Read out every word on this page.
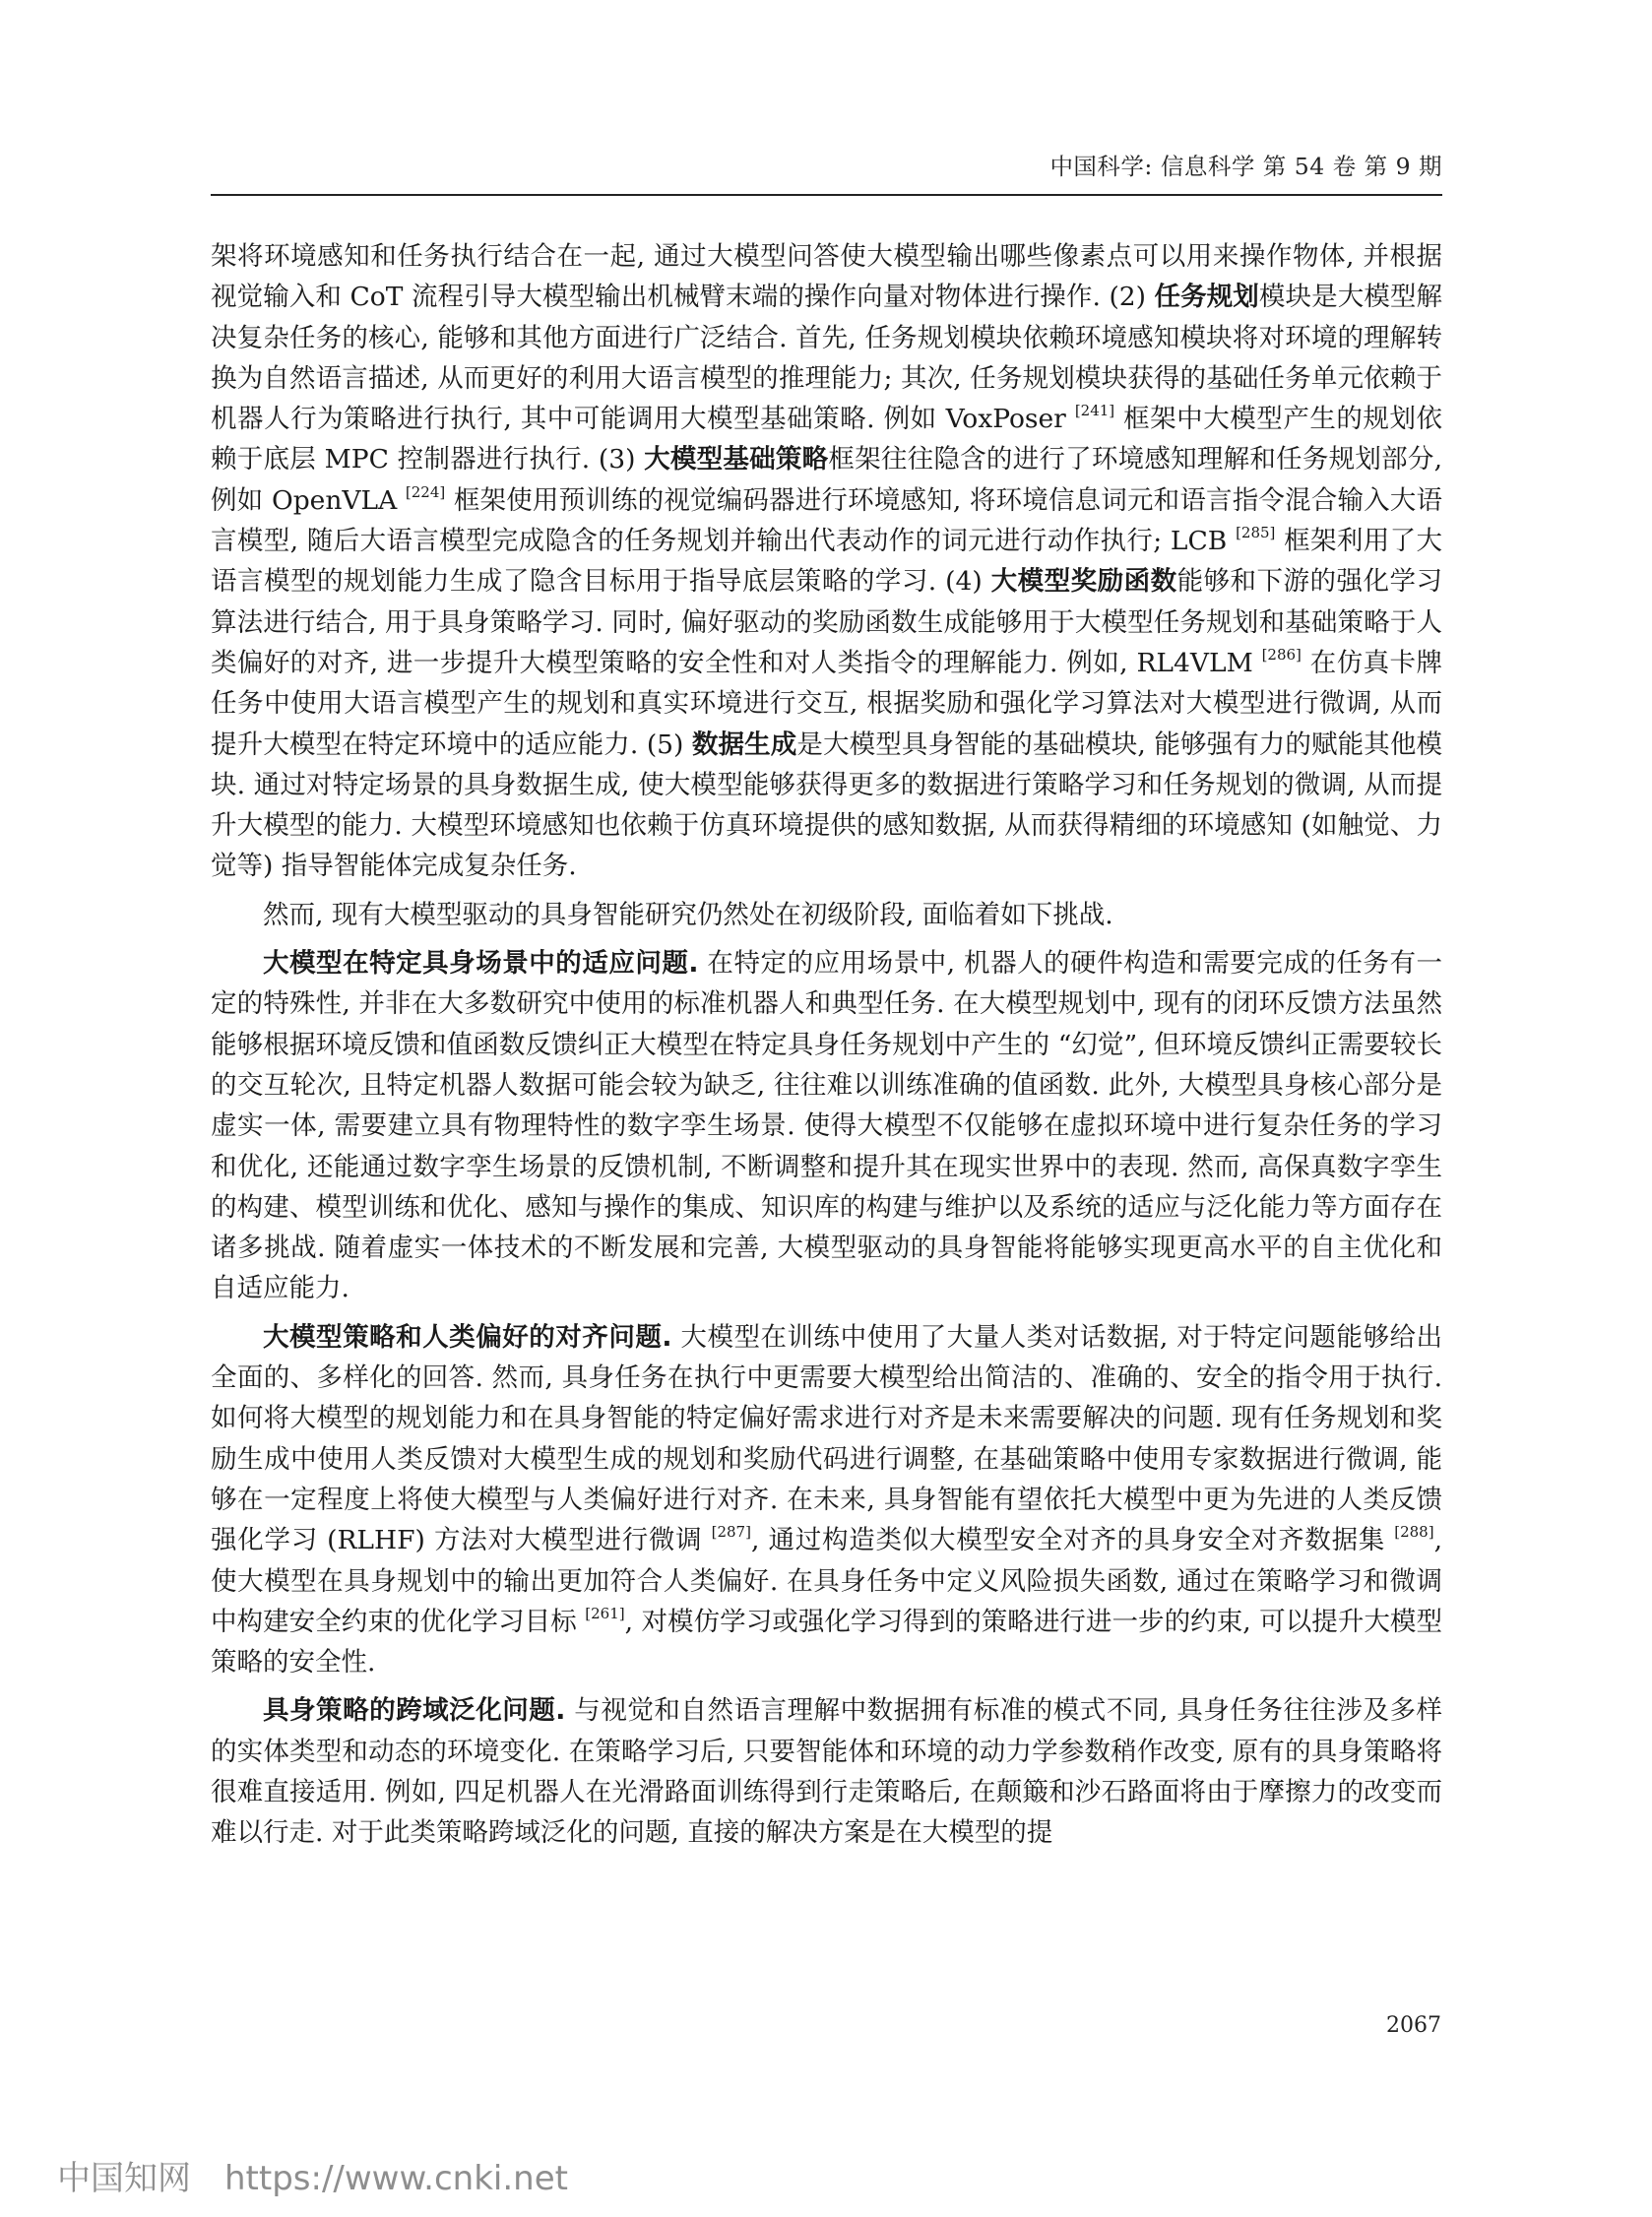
中国科学: 信息科学 第 54 卷 第 9 期

架将环境感知和任务执行结合在一起, 通过大模型问答使大模型输出哪些像素点可以用来操作物体, 并根据视觉输入和 CoT 流程引导大模型输出机械臂末端的操作向量对物体进行操作. (2) 任务规划模块是大模型解决复杂任务的核心, 能够和其他方面进行广泛结合. 首先, 任务规划模块依赖环境感知模块将对环境的理解转换为自然语言描述, 从而更好的利用大语言模型的推理能力; 其次, 任务规划模块获得的基础任务单元依赖于机器人行为策略进行执行, 其中可能调用大模型基础策略. 例如 VoxPoser [241] 框架中大模型产生的规划依赖于底层 MPC 控制器进行执行. (3) 大模型基础策略框架往往隐含的进行了环境感知理解和任务规划部分, 例如 OpenVLA [224] 框架使用预训练的视觉编码器进行环境感知, 将环境信息词元和语言指令混合输入大语言模型, 随后大语言模型完成隐含的任务规划并输出代表动作的词元进行动作执行; LCB [285] 框架利用了大语言模型的规划能力生成了隐含目标用于指导底层策略的学习. (4) 大模型奖励函数能够和下游的强化学习算法进行结合, 用于具身策略学习. 同时, 偏好驱动的奖励函数生成能够用于大模型任务规划和基础策略于人类偏好的对齐, 进一步提升大模型策略的安全性和对人类指令的理解能力. 例如, RL4VLM [286] 在仿真卡牌任务中使用大语言模型产生的规划和真实环境进行交互, 根据奖励和强化学习算法对大模型进行微调, 从而提升大模型在特定环境中的适应能力. (5) 数据生成是大模型具身智能的基础模块, 能够强有力的赋能其他模块. 通过对特定场景的具身数据生成, 使大模型能够获得更多的数据进行策略学习和任务规划的微调, 从而提升大模型的能力. 大模型环境感知也依赖于仿真环境提供的感知数据, 从而获得精细的环境感知 (如触觉、力觉等) 指导智能体完成复杂任务.

然而, 现有大模型驱动的具身智能研究仍然处在初级阶段, 面临着如下挑战.

大模型在特定具身场景中的适应问题. 在特定的应用场景中, 机器人的硬件构造和需要完成的任务有一定的特殊性, 并非在大多数研究中使用的标准机器人和典型任务. 在大模型规划中, 现有的闭环反馈方法虽然能够根据环境反馈和值函数反馈纠正大模型在特定具身任务规划中产生的 “幻觉”, 但环境反馈纠正需要较长的交互轮次, 且特定机器人数据可能会较为缺乏, 往往难以训练准确的值函数. 此外, 大模型具身核心部分是虚实一体, 需要建立具有物理特性的数字孪生场景. 使得大模型不仅能够在虚拟环境中进行复杂任务的学习和优化, 还能通过数字孪生场景的反馈机制, 不断调整和提升其在现实世界中的表现. 然而, 高保真数字孪生的构建、模型训练和优化、感知与操作的集成、知识库的构建与维护以及系统的适应与泛化能力等方面存在诸多挑战. 随着虚实一体技术的不断发展和完善, 大模型驱动的具身智能将能够实现更高水平的自主优化和自适应能力.

大模型策略和人类偏好的对齐问题. 大模型在训练中使用了大量人类对话数据, 对于特定问题能够给出全面的、多样化的回答. 然而, 具身任务在执行中更需要大模型给出简洁的、准确的、安全的指令用于执行. 如何将大模型的规划能力和在具身智能的特定偏好需求进行对齐是未来需要解决的问题. 现有任务规划和奖励生成中使用人类反馈对大模型生成的规划和奖励代码进行调整, 在基础策略中使用专家数据进行微调, 能够在一定程度上将使大模型与人类偏好进行对齐. 在未来, 具身智能有望依托大模型中更为先进的人类反馈强化学习 (RLHF) 方法对大模型进行微调 [287], 通过构造类似大模型安全对齐的具身安全对齐数据集 [288], 使大模型在具身规划中的输出更加符合人类偏好. 在具身任务中定义风险损失函数, 通过在策略学习和微调中构建安全约束的优化学习目标 [261], 对模仿学习或强化学习得到的策略进行进一步的约束, 可以提升大模型策略的安全性.

具身策略的跨域泛化问题. 与视觉和自然语言理解中数据拥有标准的模式不同, 具身任务往往涉及多样的实体类型和动态的环境变化. 在策略学习后, 只要智能体和环境的动力学参数稍作改变, 原有的具身策略将很难直接适用. 例如, 四足机器人在光滑路面训练得到行走策略后, 在颠簸和沙石路面将由于摩擦力的改变而难以行走. 对于此类策略跨域泛化的问题, 直接的解决方案是在大模型的提

2067
中国知网 https://www.cnki.net
